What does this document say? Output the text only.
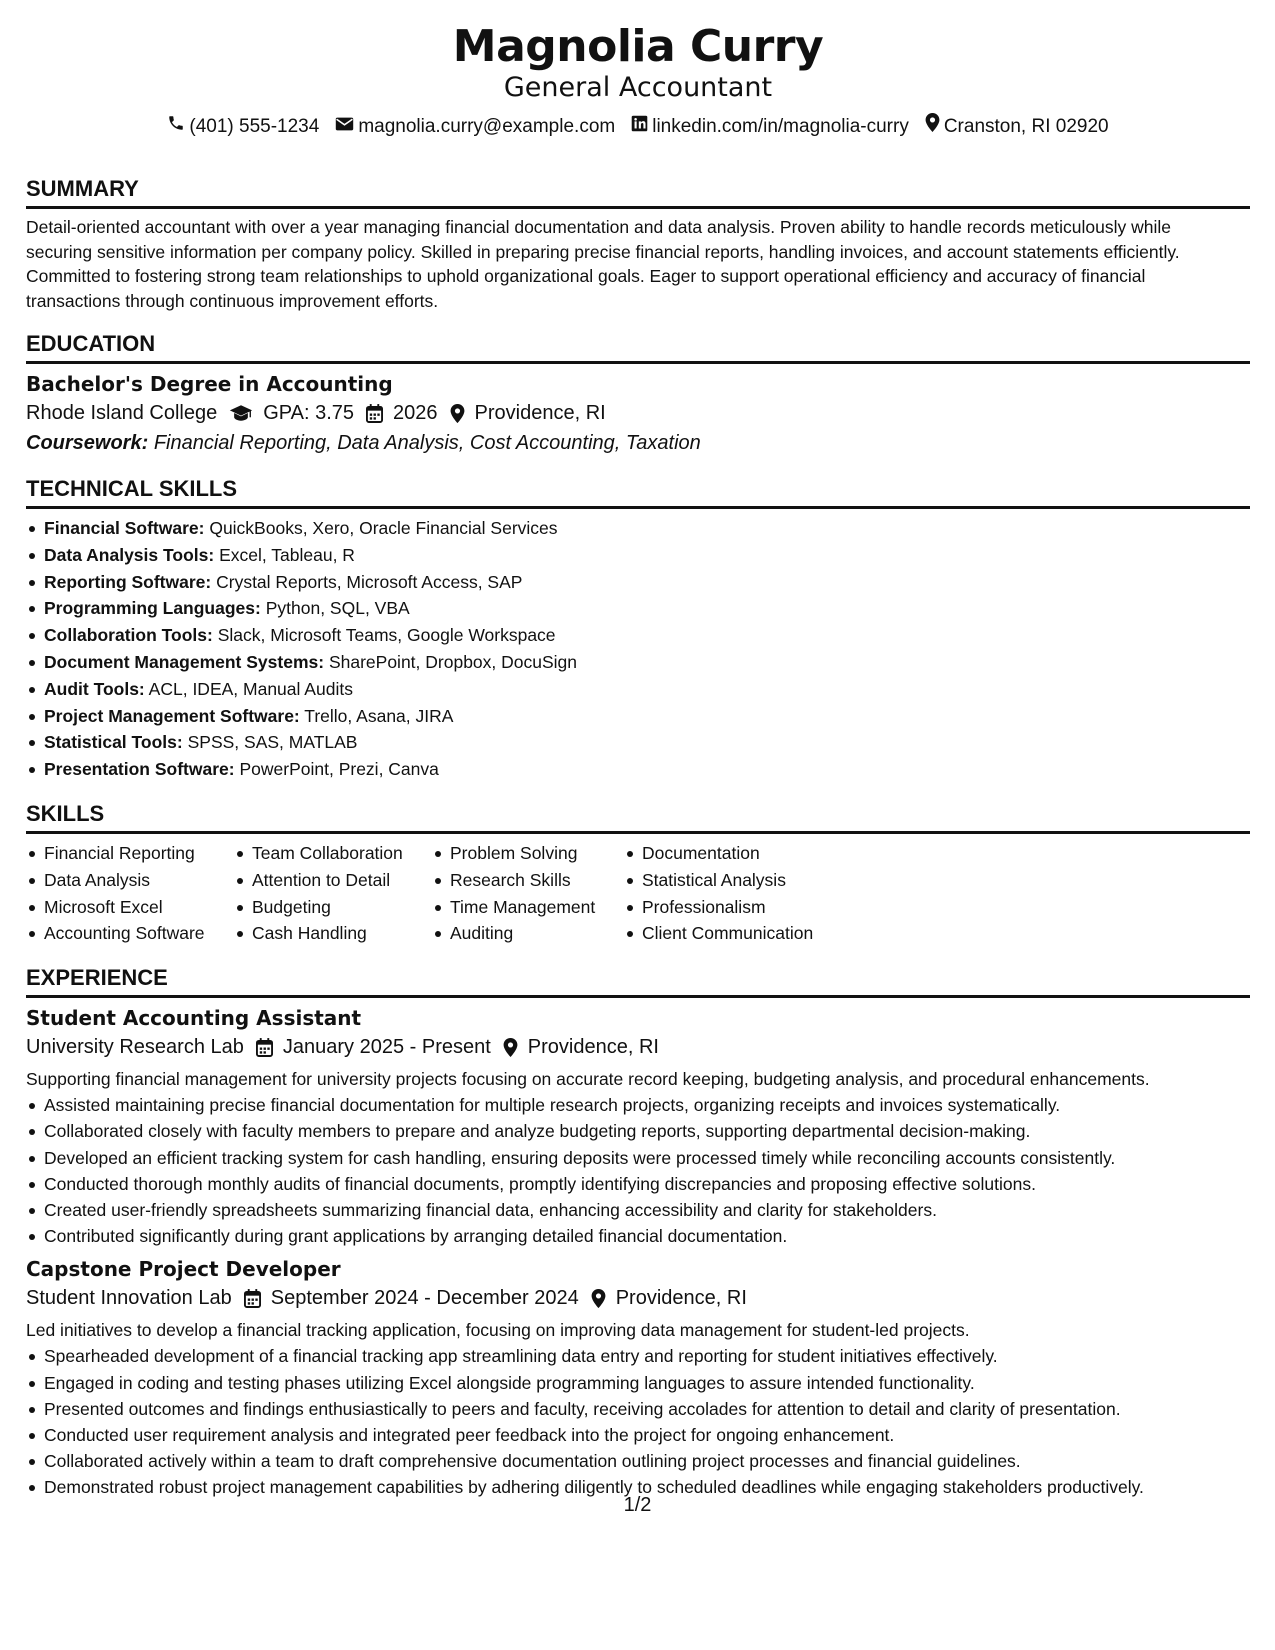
Magnolia Curry
General Accountant
(401) 555-1234 magnolia.curry@example.com linkedin.com/in/magnolia-curry Cranston, RI 02920
SUMMARY
Detail-oriented accountant with over a year managing financial documentation and data analysis. Proven ability to handle records meticulously while securing sensitive information per company policy. Skilled in preparing precise financial reports, handling invoices, and account statements efficiently. Committed to fostering strong team relationships to uphold organizational goals. Eager to support operational efficiency and accuracy of financial transactions through continuous improvement efforts.
EDUCATION
Bachelor's Degree in Accounting
Rhode Island College GPA: 3.75 2026 Providence, RI
Coursework: Financial Reporting, Data Analysis, Cost Accounting, Taxation
TECHNICAL SKILLS
Financial Software: QuickBooks, Xero, Oracle Financial Services
Data Analysis Tools: Excel, Tableau, R
Reporting Software: Crystal Reports, Microsoft Access, SAP
Programming Languages: Python, SQL, VBA
Collaboration Tools: Slack, Microsoft Teams, Google Workspace
Document Management Systems: SharePoint, Dropbox, DocuSign
Audit Tools: ACL, IDEA, Manual Audits
Project Management Software: Trello, Asana, JIRA
Statistical Tools: SPSS, SAS, MATLAB
Presentation Software: PowerPoint, Prezi, Canva
SKILLS
Financial Reporting
Data Analysis
Microsoft Excel
Accounting Software
Team Collaboration
Attention to Detail
Budgeting
Cash Handling
Problem Solving
Research Skills
Time Management
Auditing
Documentation
Statistical Analysis
Professionalism
Client Communication
EXPERIENCE
Student Accounting Assistant
University Research Lab January 2025 - Present Providence, RI
Supporting financial management for university projects focusing on accurate record keeping, budgeting analysis, and procedural enhancements.
Assisted maintaining precise financial documentation for multiple research projects, organizing receipts and invoices systematically.
Collaborated closely with faculty members to prepare and analyze budgeting reports, supporting departmental decision-making.
Developed an efficient tracking system for cash handling, ensuring deposits were processed timely while reconciling accounts consistently.
Conducted thorough monthly audits of financial documents, promptly identifying discrepancies and proposing effective solutions.
Created user-friendly spreadsheets summarizing financial data, enhancing accessibility and clarity for stakeholders.
Contributed significantly during grant applications by arranging detailed financial documentation.
Capstone Project Developer
Student Innovation Lab September 2024 - December 2024 Providence, RI
Led initiatives to develop a financial tracking application, focusing on improving data management for student-led projects.
Spearheaded development of a financial tracking app streamlining data entry and reporting for student initiatives effectively.
Engaged in coding and testing phases utilizing Excel alongside programming languages to assure intended functionality.
Presented outcomes and findings enthusiastically to peers and faculty, receiving accolades for attention to detail and clarity of presentation.
Conducted user requirement analysis and integrated peer feedback into the project for ongoing enhancement.
Collaborated actively within a team to draft comprehensive documentation outlining project processes and financial guidelines.
Demonstrated robust project management capabilities by adhering diligently to scheduled deadlines while engaging stakeholders productively.
1/2
